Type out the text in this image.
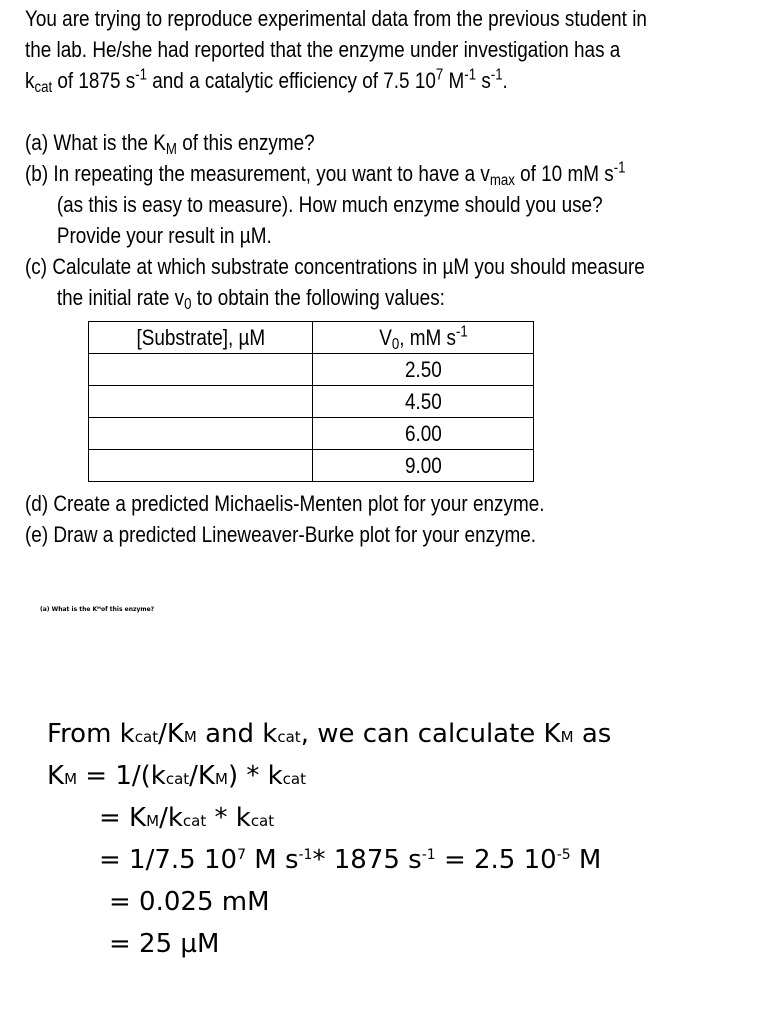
You are trying to reproduce experimental data from the previous student in
the lab. He/she had reported that the enzyme under investigation has a
$k_{cat}$ of 1875 $s^{-1}$ and a catalytic efficiency of 7.5 $10^7$ $M^{-1}$ $s^{-1}$.
(a) What is the $K_M$ of this enzyme?
(b) In repeating the measurement, you want to have a $v_{max}$ of 10 mM $s^{-1}$
(as this is easy to measure). How much enzyme should you use?
Provide your result in µM.
(c) Calculate at which substrate concentrations in µM you should measure
the initial rate $v_0$ to obtain the following values:
[Substrate], µM	$V_0$, mM $s^{-1}$
	2.50
	4.50
	6.00
	9.00
(d) Create a predicted Michaelis-Menten plot for your enzyme.
(e) Draw a predicted Lineweaver-Burke plot for your enzyme.
(a) What is the Kᴹof this enzyme?
From kcat/KM and kcat, we can calculate KM as
KM = 1/(kcat/KM) * kcat
= KM/kcat * kcat
= 1/7.5 $10^7$ M $s^{-1}*$ 1875 $s^{-1} = 2.5$ $10^{-5}$ M
= 0.025 mM
= 25 µM
